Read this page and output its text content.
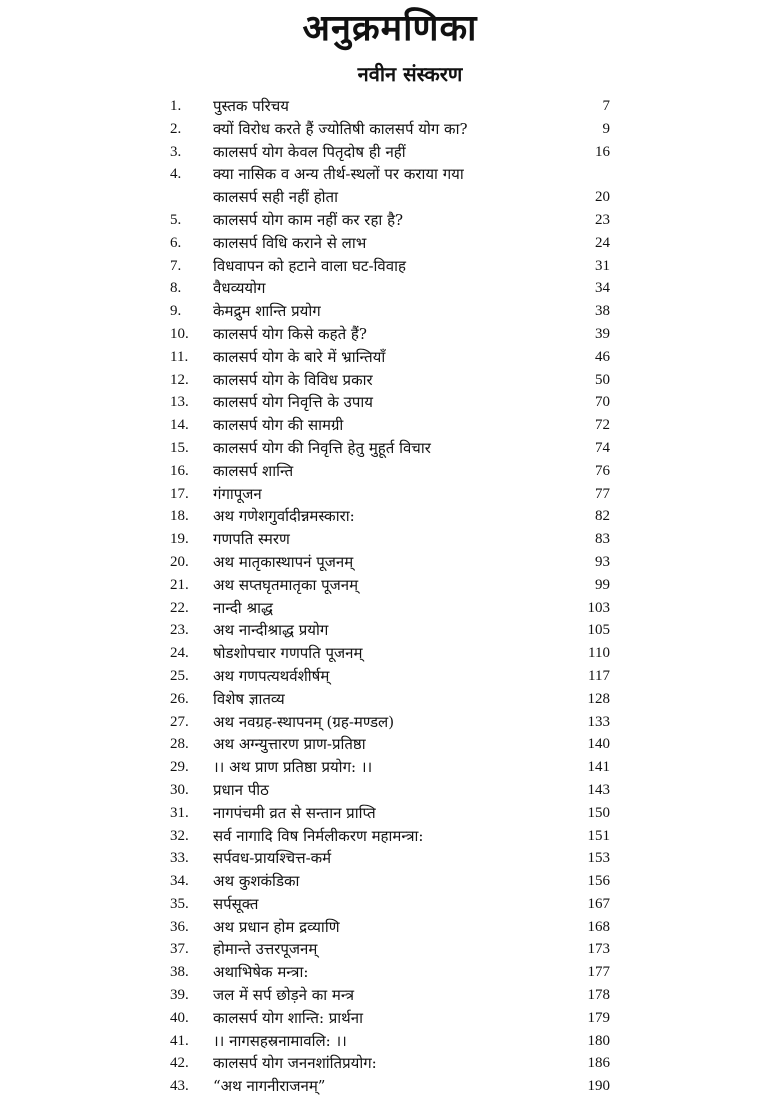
अनुक्रमणिका
नवीन संस्करण
1. पुस्तक परिचय	7
2. क्यों विरोध करते हैं ज्योतिषी कालसर्प योग का?	9
3. कालसर्प योग केवल पितृदोष ही नहीं	16
4. क्या नासिक व अन्य तीर्थ-स्थलों पर कराया गया
कालसर्प सही नहीं होता	20
5. कालसर्प योग काम नहीं कर रहा है?	23
6. कालसर्प विधि कराने से लाभ	24
7. विधवापन को हटाने वाला घट-विवाह	31
8. वैधव्ययोग	34
9. केमद्रुम शान्ति प्रयोग	38
10. कालसर्प योग किसे कहते हैं?	39
11. कालसर्प योग के बारे में भ्रान्तियाँ	46
12. कालसर्प योग के विविध प्रकार	50
13. कालसर्प योग निवृत्ति के उपाय	70
14. कालसर्प योग की सामग्री	72
15. कालसर्प योग की निवृत्ति हेतु मुहूर्त विचार	74
16. कालसर्प शान्ति	76
17. गंगापूजन	77
18. अथ गणेशगुर्वादीन्नमस्कारा:	82
19. गणपति स्मरण	83
20. अथ मातृकास्थापनं पूजनम्	93
21. अथ सप्तघृतमातृका पूजनम्	99
22. नान्दी श्राद्ध	103
23. अथ नान्दीश्राद्ध प्रयोग	105
24. षोडशोपचार गणपति पूजनम्	110
25. अथ गणपत्यथर्वशीर्षम्	117
26. विशेष ज्ञातव्य	128
27. अथ नवग्रह-स्थापनम् (ग्रह-मण्डल)	133
28. अथ अग्न्युत्तारण प्राण-प्रतिष्ठा	140
29. ।। अथ प्राण प्रतिष्ठा प्रयोग: ।।	141
30. प्रधान पीठ	143
31. नागपंचमी व्रत से सन्तान प्राप्ति	150
32. सर्व नागादि विष निर्मलीकरण महामन्त्रा:	151
33. सर्पवध-प्रायश्चित्त-कर्म	153
34. अथ कुशकंडिका	156
35. सर्पसूक्त	167
36. अथ प्रधान होम द्रव्याणि	168
37. होमान्ते उत्तरपूजनम्	173
38. अथाभिषेक मन्त्रा:	177
39. जल में सर्प छोड़ने का मन्त्र	178
40. कालसर्प योग शान्ति: प्रार्थना	179
41. ।। नागसहस्रनामावलि: ।।	180
42. कालसर्प योग जननशांतिप्रयोग:	186
43. “अथ नागनीराजनम्”	190
